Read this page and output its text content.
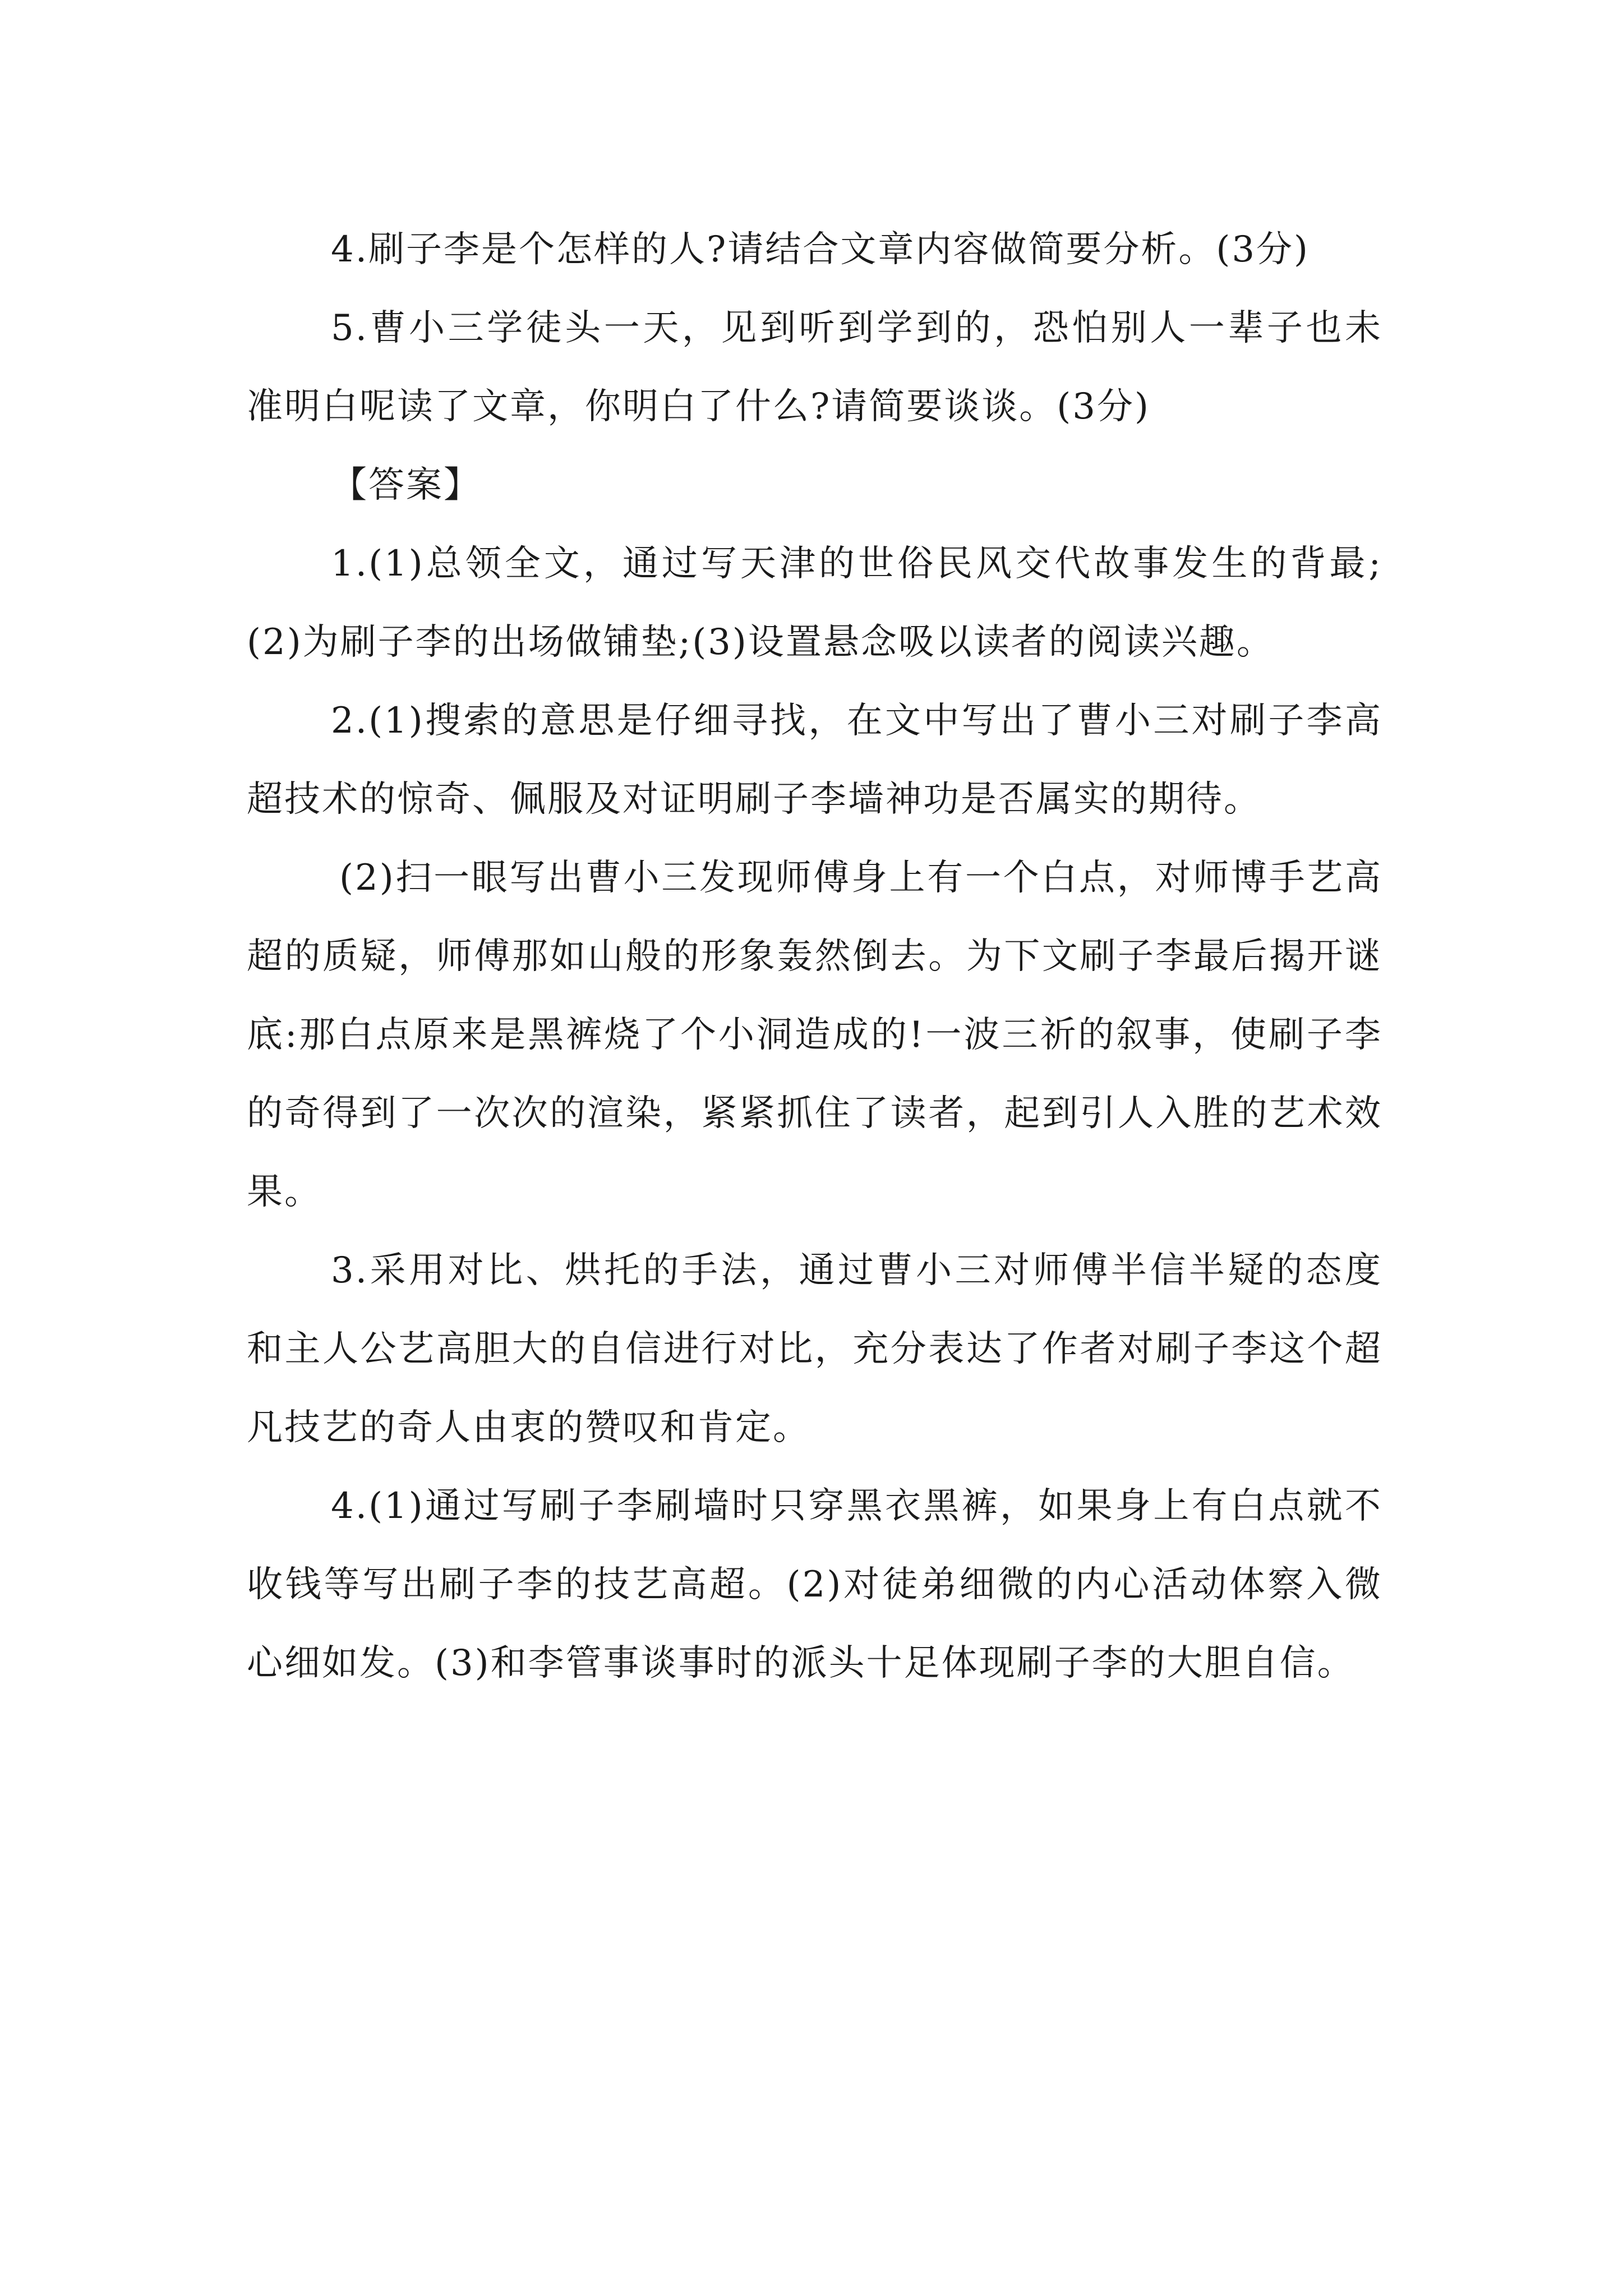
4.刷子李是个怎样的人?请结合文章内容做简要分析。(3分)

5.曹小三学徒头一天，见到听到学到的，恐怕别人一辈子也未准明白呢读了文章，你明白了什么?请简要谈谈。(3分)

【答案】

1.(1)总领全文，通过写天津的世俗民风交代故事发生的背最;(2)为刷子李的出场做铺垫;(3)设置悬念吸以读者的阅读兴趣。

2.(1)搜索的意思是仔细寻找，在文中写出了曹小三对刷子李高超技术的惊奇、佩服及对证明刷子李墙神功是否属实的期待。

(2)扫一眼写出曹小三发现师傅身上有一个白点，对师博手艺高超的质疑，师傅那如山般的形象轰然倒去。为下文刷子李最后揭开谜底:那白点原来是黑裤烧了个小洞造成的!一波三祈的叙事，使刷子李的奇得到了一次次的渲染，紧紧抓住了读者，起到引人入胜的艺术效果。

3.采用对比、烘托的手法，通过曹小三对师傅半信半疑的态度和主人公艺高胆大的自信进行对比，充分表达了作者对刷子李这个超凡技艺的奇人由衷的赞叹和肯定。

4.(1)通过写刷子李刷墙时只穿黑衣黑裤，如果身上有白点就不收钱等写出刷子李的技艺高超。(2)对徒弟细微的内心活动体察入微心细如发。(3)和李管事谈事时的派头十足体现刷子李的大胆自信。
